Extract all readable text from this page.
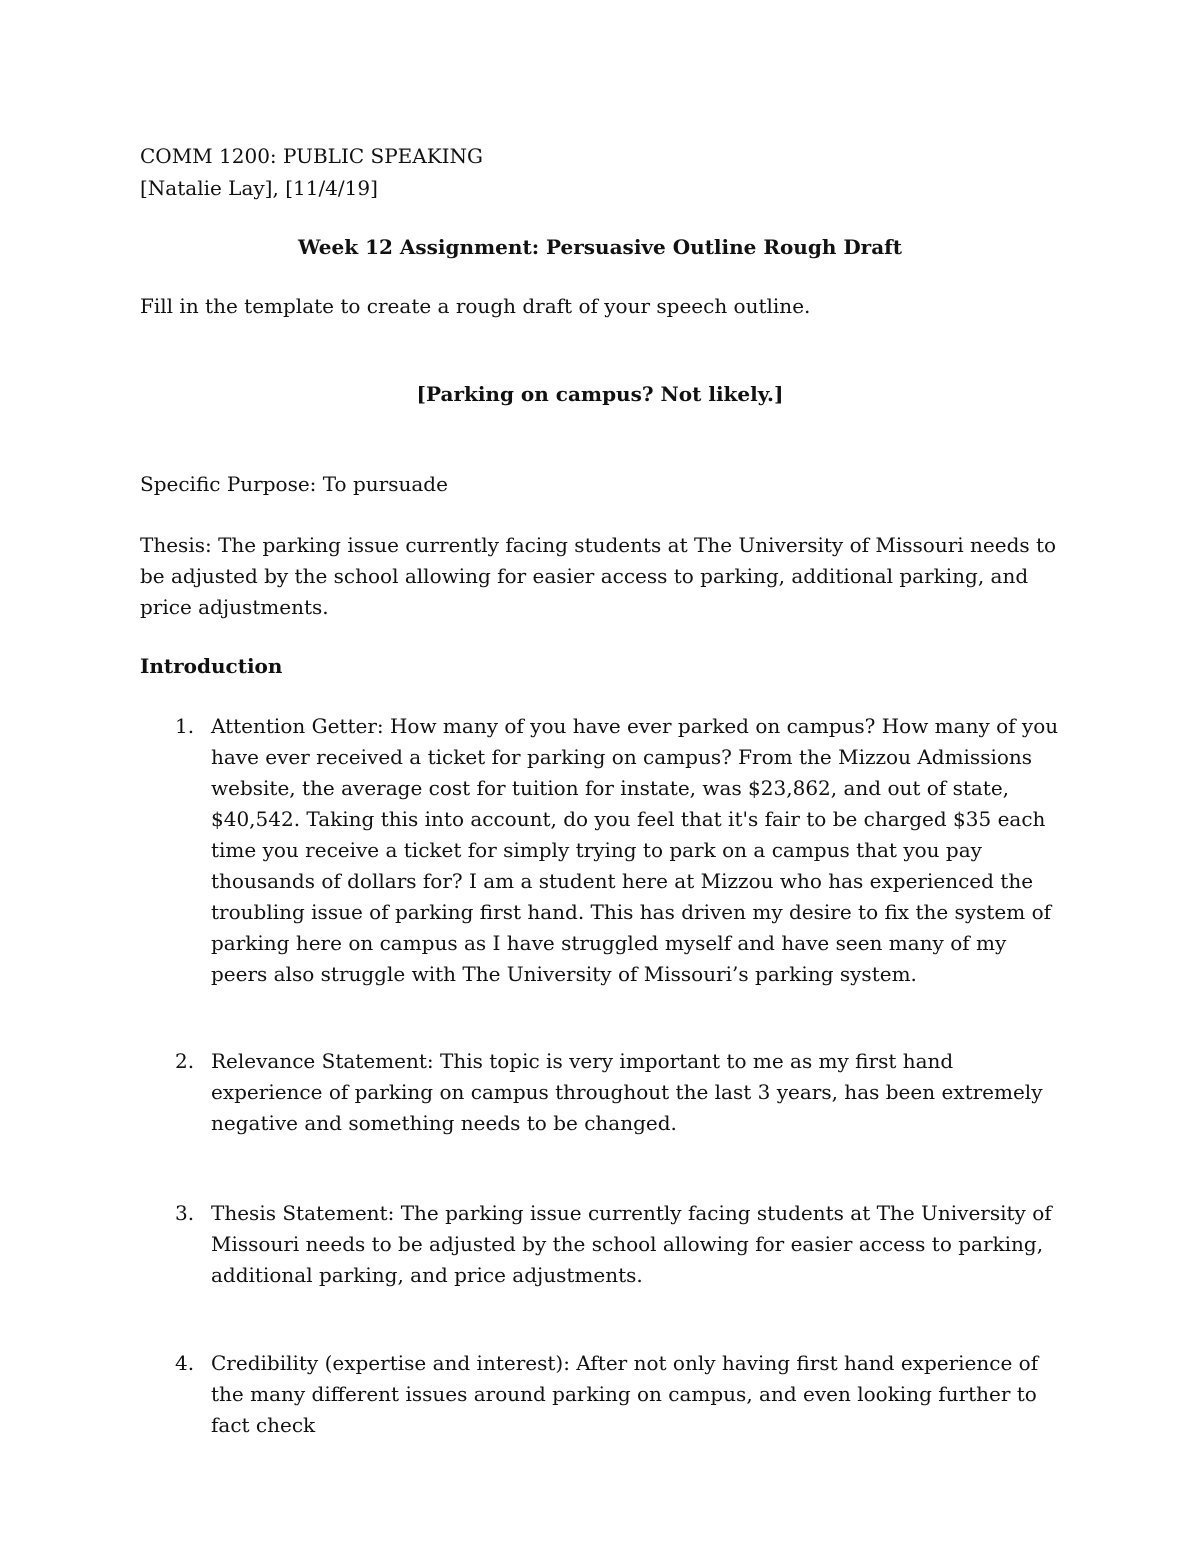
COMM 1200: PUBLIC SPEAKING
[Natalie Lay], [11/4/19]
Week 12 Assignment: Persuasive Outline Rough Draft
Fill in the template to create a rough draft of your speech outline.
[Parking on campus? Not likely.]
Specific Purpose: To pursuade
Thesis: The parking issue currently facing students at The University of Missouri needs to be adjusted by the school allowing for easier access to parking, additional parking, and price adjustments.
Introduction
1. Attention Getter: How many of you have ever parked on campus? How many of you have ever received a ticket for parking on campus? From the Mizzou Admissions website, the average cost for tuition for instate, was $23,862, and out of state, $40,542. Taking this into account, do you feel that it's fair to be charged $35 each time you receive a ticket for simply trying to park on a campus that you pay thousands of dollars for? I am a student here at Mizzou who has experienced the troubling issue of parking first hand. This has driven my desire to fix the system of parking here on campus as I have struggled myself and have seen many of my peers also struggle with The University of Missouri’s parking system.
2. Relevance Statement: This topic is very important to me as my first hand experience of parking on campus throughout the last 3 years, has been extremely negative and something needs to be changed.
3. Thesis Statement: The parking issue currently facing students at The University of Missouri needs to be adjusted by the school allowing for easier access to parking, additional parking, and price adjustments.
4. Credibility (expertise and interest): After not only having first hand experience of the many different issues around parking on campus, and even looking further to fact check
